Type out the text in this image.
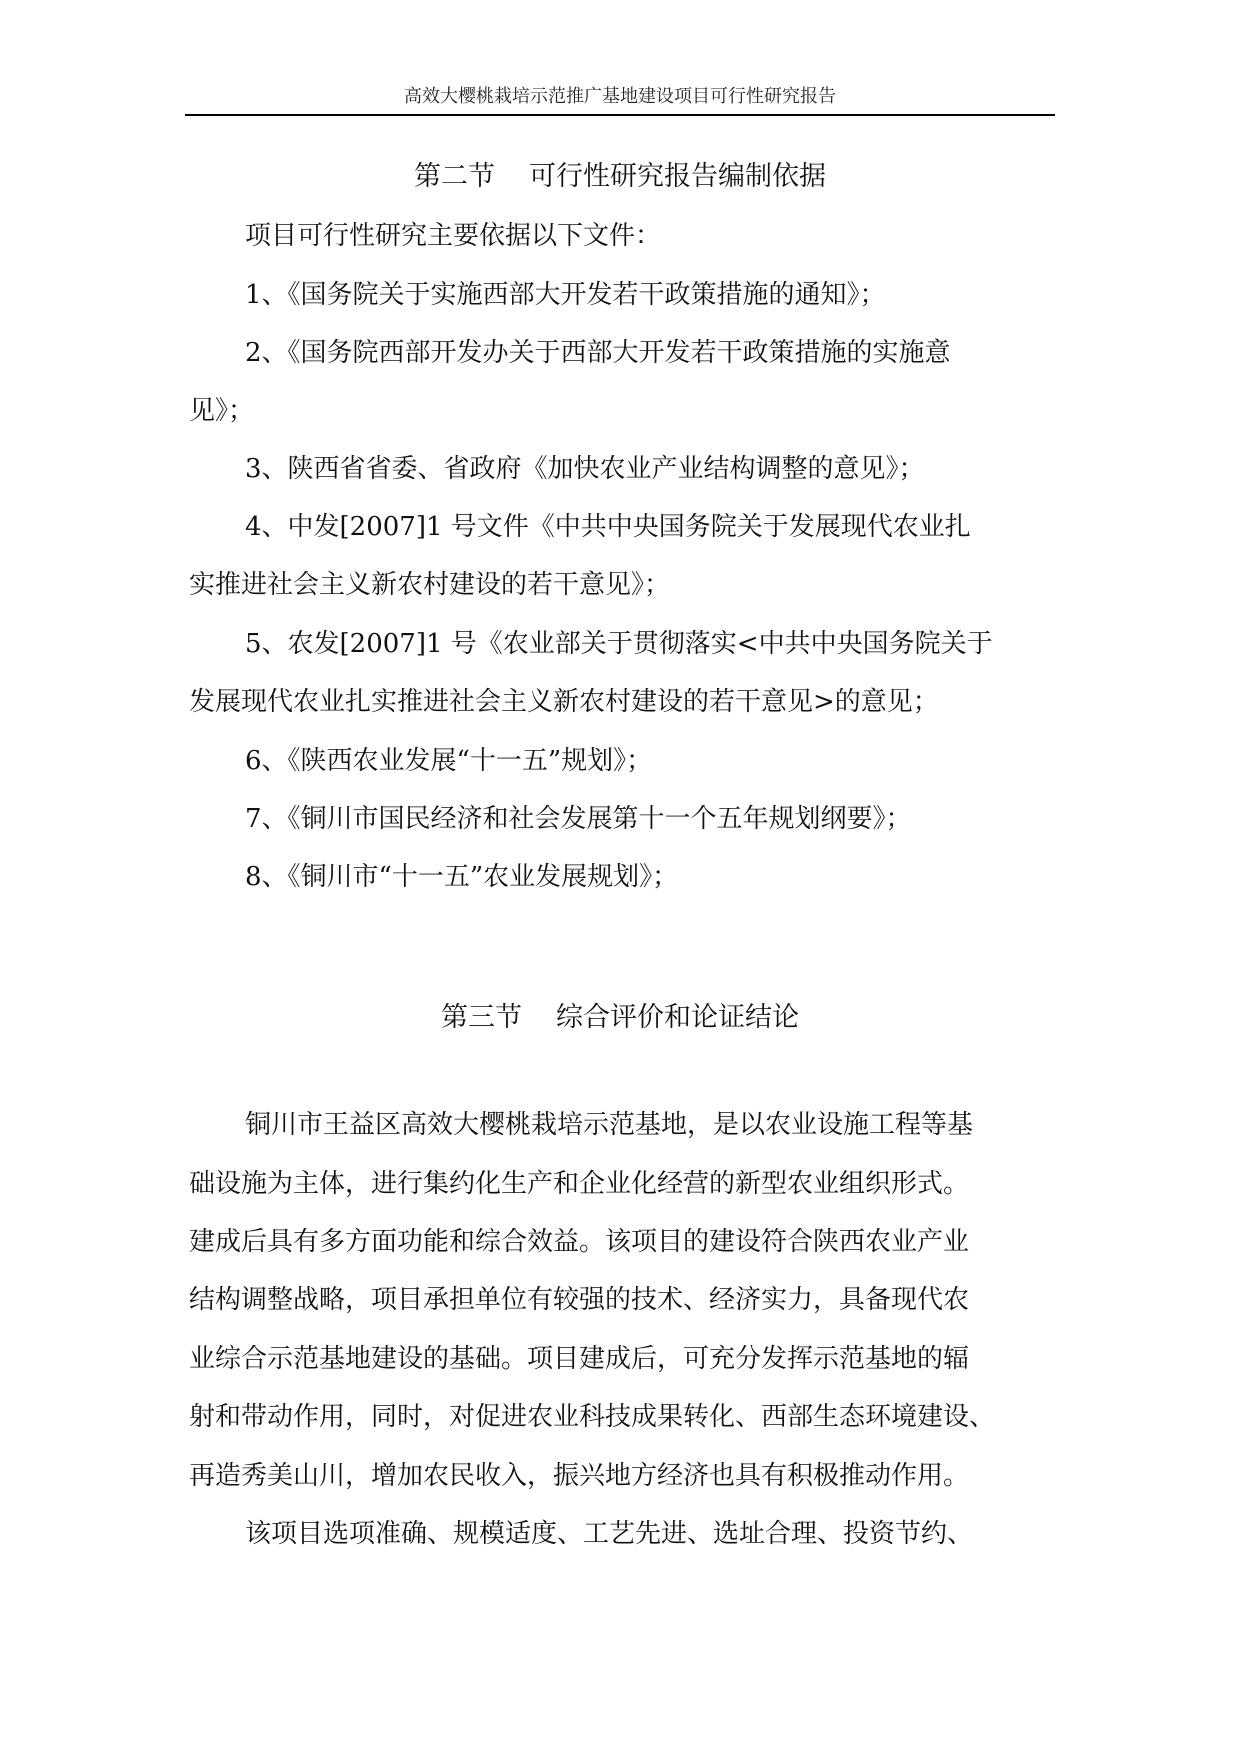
高效大樱桃栽培示范推广基地建设项目可行性研究报告
第二节 可行性研究报告编制依据

项目可行性研究主要依据以下文件：

1、《国务院关于实施西部大开发若干政策措施的通知》；

2、《国务院西部开发办关于西部大开发若干政策措施的实施意

见》；

3、陕西省省委、省政府《加快农业产业结构调整的意见》；

4、中发[2007]1 号文件《中共中央国务院关于发展现代农业扎

实推进社会主义新农村建设的若干意见》；

5、农发[2007]1 号《农业部关于贯彻落实<中共中央国务院关于

发展现代农业扎实推进社会主义新农村建设的若干意见>的意见；

6、《陕西农业发展“十一五”规划》；

7、《铜川市国民经济和社会发展第十一个五年规划纲要》；

8、《铜川市“十一五”农业发展规划》；

第三节 综合评价和论证结论

铜川市王益区高效大樱桃栽培示范基地，是以农业设施工程等基

础设施为主体，进行集约化生产和企业化经营的新型农业组织形式。

建成后具有多方面功能和综合效益。该项目的建设符合陕西农业产业

结构调整战略，项目承担单位有较强的技术、经济实力，具备现代农

业综合示范基地建设的基础。项目建成后，可充分发挥示范基地的辐

射和带动作用，同时，对促进农业科技成果转化、西部生态环境建设、

再造秀美山川，增加农民收入，振兴地方经济也具有积极推动作用。

该项目选项准确、规模适度、工艺先进、选址合理、投资节约、
